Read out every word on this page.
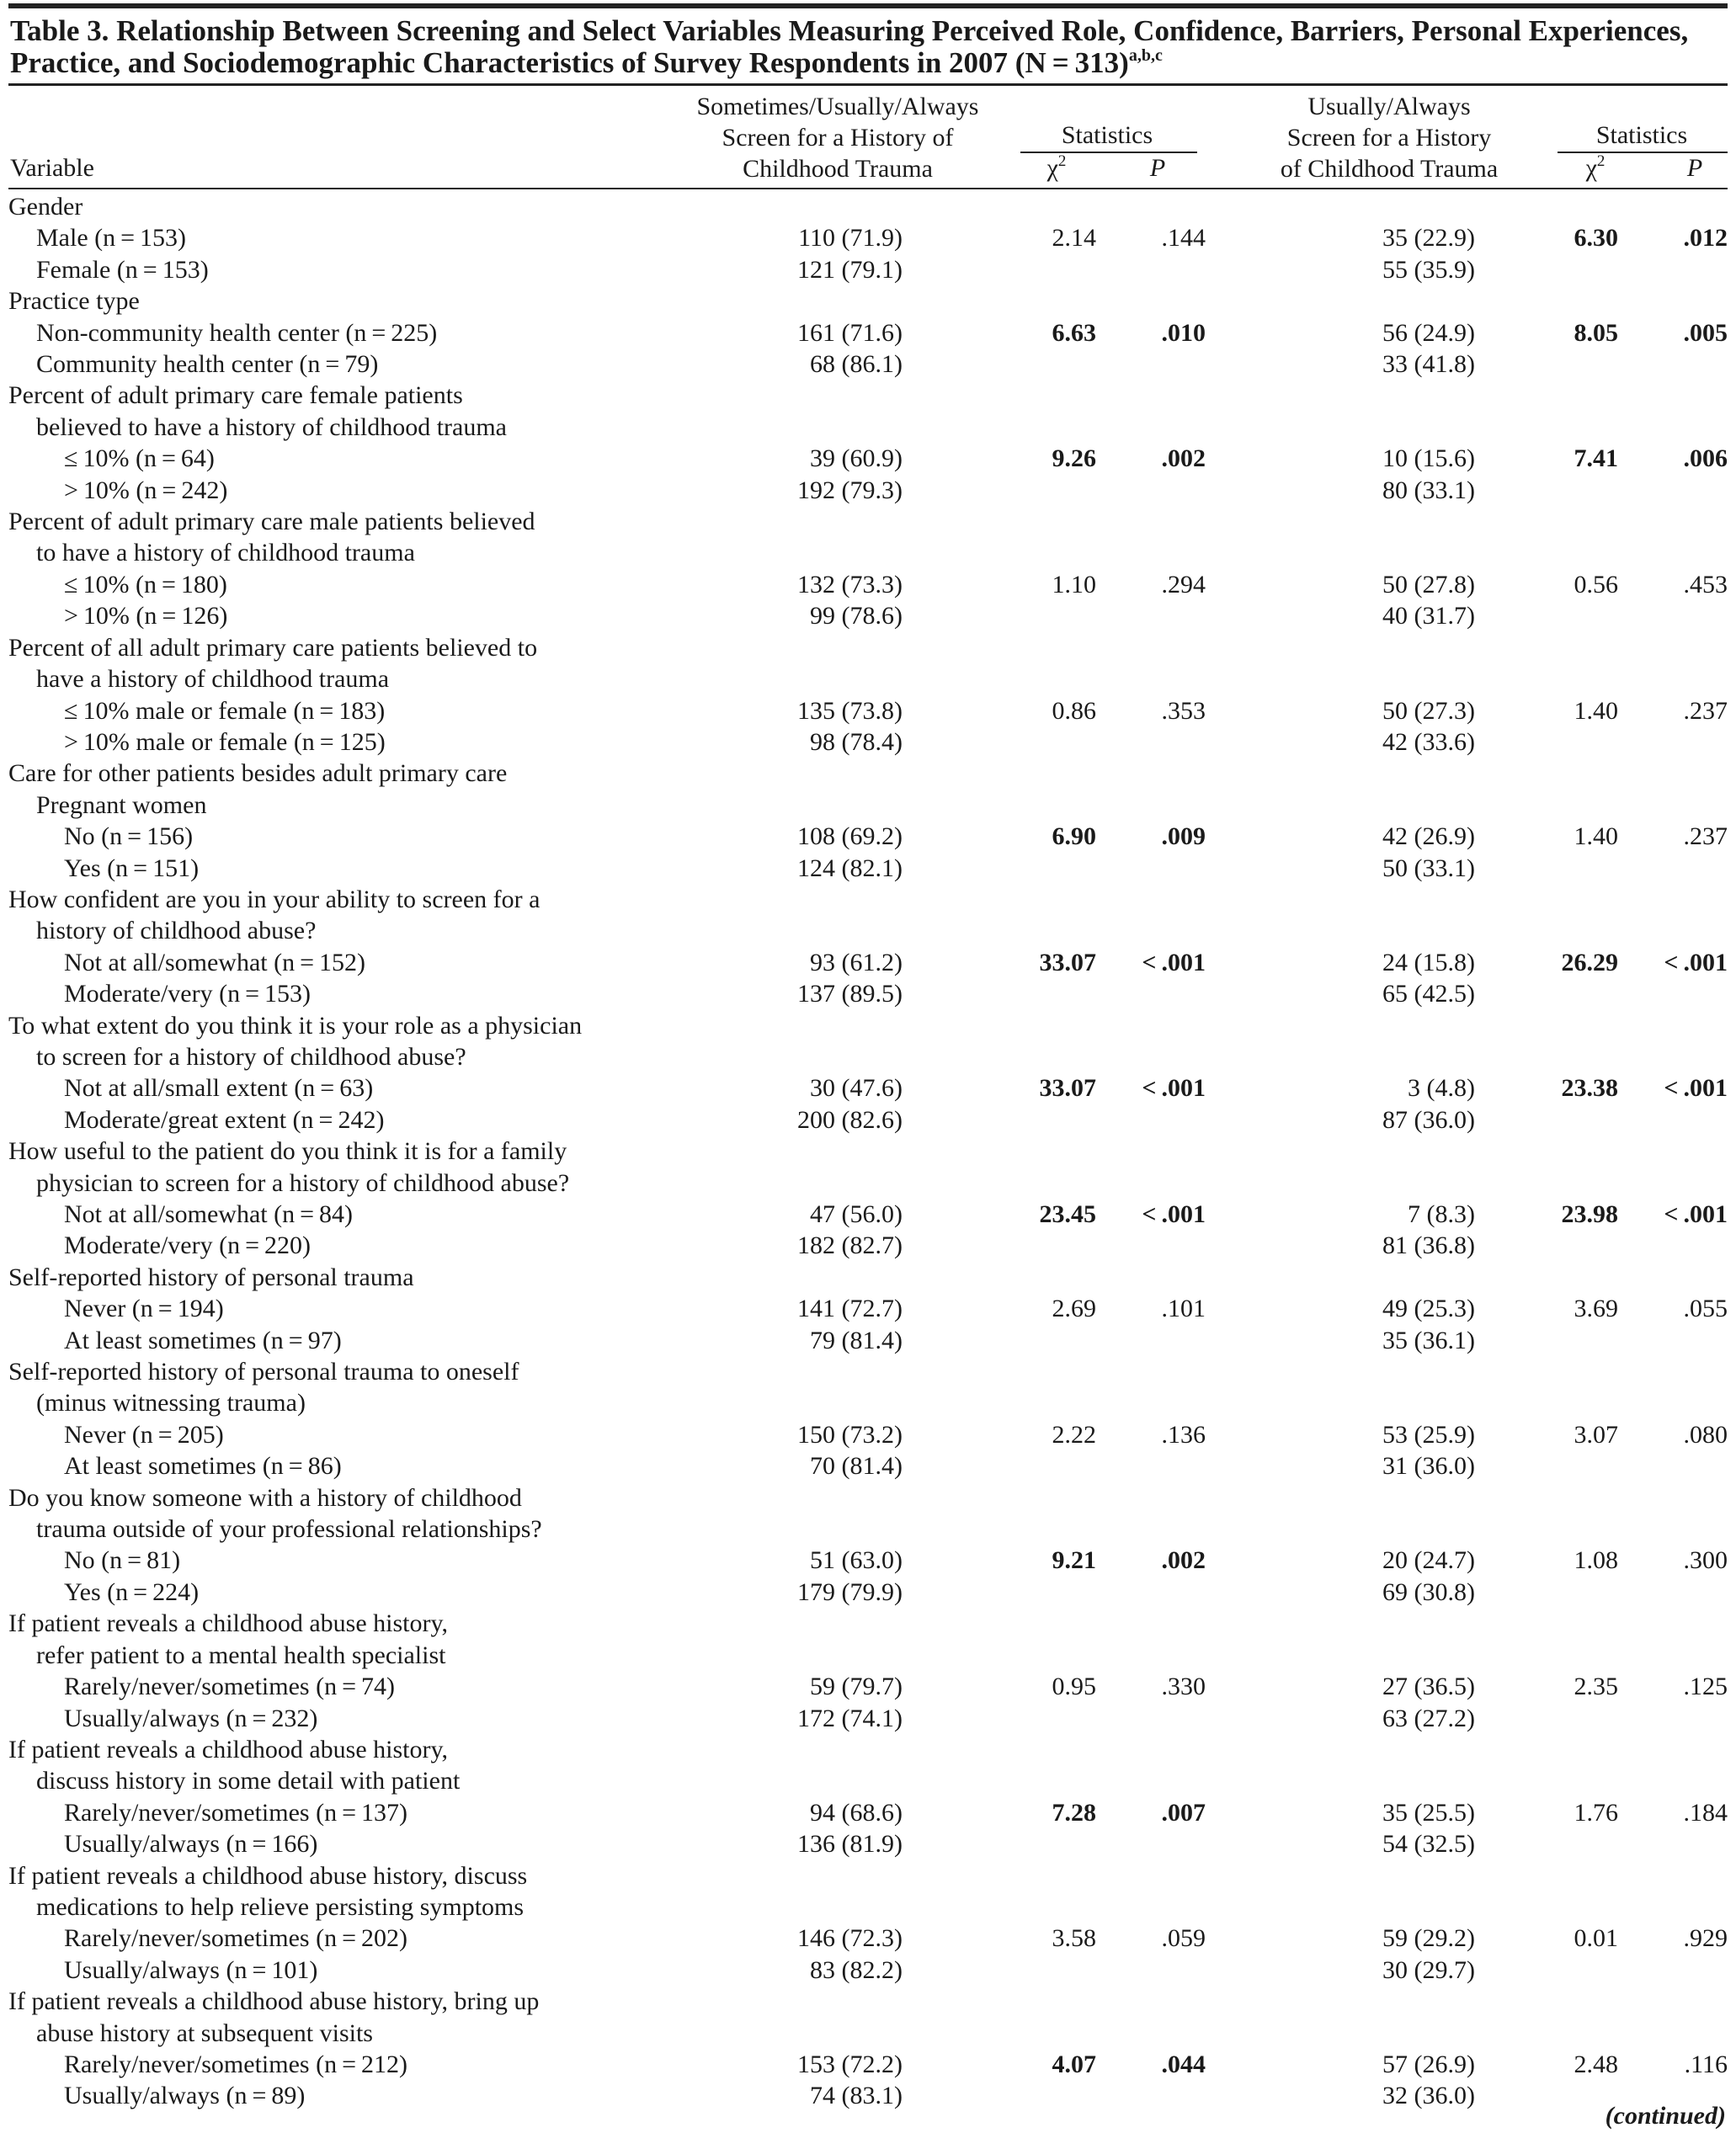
Table 3. Relationship Between Screening and Select Variables Measuring Perceived Role, Confidence, Barriers, Personal Experiences, Practice, and Sociodemographic Characteristics of Survey Respondents in 2007 (N = 313)$^{a,b,c}$
Sometimes/Usually/Always
Screen for a History of
Childhood Trauma
Statistics
$\chi^2$	P
Usually/Always
Screen for a History
of Childhood Trauma
Statistics
$\chi^2$	P
Variable
Gender						
Male (n = 153)	110 (71.9)	2.14	.144	35 (22.9)	6.30	.012
Female (n = 153)	121 (79.1)			55 (35.9)		
Practice type						
Non-community health center (n = 225)	161 (71.6)	6.63	.010	56 (24.9)	8.05	.005
Community health center (n = 79)	68 (86.1)			33 (41.8)		
Percent of adult primary care female patients						
believed to have a history of childhood trauma						
≤ 10% (n = 64)	39 (60.9)	9.26	.002	10 (15.6)	7.41	.006
> 10% (n = 242)	192 (79.3)			80 (33.1)		
Percent of adult primary care male patients believed						
to have a history of childhood trauma						
≤ 10% (n = 180)	132 (73.3)	1.10	.294	50 (27.8)	0.56	.453
> 10% (n = 126)	99 (78.6)			40 (31.7)		
Percent of all adult primary care patients believed to						
have a history of childhood trauma						
≤ 10% male or female (n = 183)	135 (73.8)	0.86	.353	50 (27.3)	1.40	.237
> 10% male or female (n = 125)	98 (78.4)			42 (33.6)		
Care for other patients besides adult primary care						
Pregnant women						
No (n = 156)	108 (69.2)	6.90	.009	42 (26.9)	1.40	.237
Yes (n = 151)	124 (82.1)			50 (33.1)		
How confident are you in your ability to screen for a						
history of childhood abuse?						
Not at all/somewhat (n = 152)	93 (61.2)	33.07	< .001	24 (15.8)	26.29	< .001
Moderate/very (n = 153)	137 (89.5)			65 (42.5)		
To what extent do you think it is your role as a physician						
to screen for a history of childhood abuse?						
Not at all/small extent (n = 63)	30 (47.6)	33.07	< .001	3 (4.8)	23.38	< .001
Moderate/great extent (n = 242)	200 (82.6)			87 (36.0)		
How useful to the patient do you think it is for a family						
physician to screen for a history of childhood abuse?						
Not at all/somewhat (n = 84)	47 (56.0)	23.45	< .001	7 (8.3)	23.98	< .001
Moderate/very (n = 220)	182 (82.7)			81 (36.8)		
Self-reported history of personal trauma						
Never (n = 194)	141 (72.7)	2.69	.101	49 (25.3)	3.69	.055
At least sometimes (n = 97)	79 (81.4)			35 (36.1)		
Self-reported history of personal trauma to oneself						
(minus witnessing trauma)						
Never (n = 205)	150 (73.2)	2.22	.136	53 (25.9)	3.07	.080
At least sometimes (n = 86)	70 (81.4)			31 (36.0)		
Do you know someone with a history of childhood						
trauma outside of your professional relationships?						
No (n = 81)	51 (63.0)	9.21	.002	20 (24.7)	1.08	.300
Yes (n = 224)	179 (79.9)			69 (30.8)		
If patient reveals a childhood abuse history,						
refer patient to a mental health specialist						
Rarely/never/sometimes (n = 74)	59 (79.7)	0.95	.330	27 (36.5)	2.35	.125
Usually/always (n = 232)	172 (74.1)			63 (27.2)		
If patient reveals a childhood abuse history,						
discuss history in some detail with patient						
Rarely/never/sometimes (n = 137)	94 (68.6)	7.28	.007	35 (25.5)	1.76	.184
Usually/always (n = 166)	136 (81.9)			54 (32.5)		
If patient reveals a childhood abuse history, discuss						
medications to help relieve persisting symptoms						
Rarely/never/sometimes (n = 202)	146 (72.3)	3.58	.059	59 (29.2)	0.01	.929
Usually/always (n = 101)	83 (82.2)			30 (29.7)		
If patient reveals a childhood abuse history, bring up						
abuse history at subsequent visits						
Rarely/never/sometimes (n = 212)	153 (72.2)	4.07	.044	57 (26.9)	2.48	.116
Usually/always (n = 89)	74 (83.1)			32 (36.0)		
(continued)
